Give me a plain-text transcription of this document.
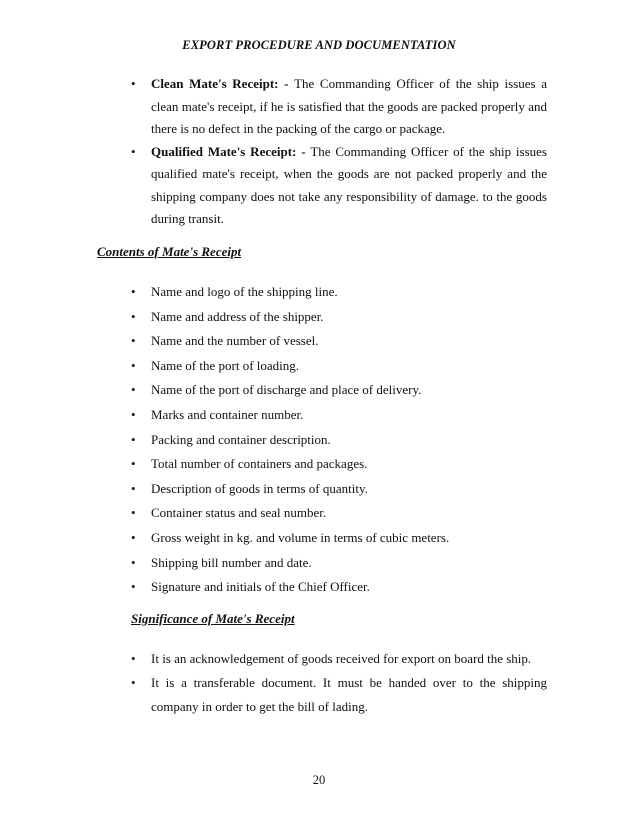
EXPORT PROCEDURE AND DOCUMENTATION
• Clean Mate's Receipt: - The Commanding Officer of the ship issues a clean mate's receipt, if he is satisfied that the goods are packed properly and there is no defect in the packing of the cargo or package.
• Qualified Mate's Receipt: - The Commanding Officer of the ship issues qualified mate's receipt, when the goods are not packed properly and the shipping company does not take any responsibility of damage. to the goods during transit.
Contents of Mate's Receipt
• Name and logo of the shipping line.
• Name and address of the shipper.
• Name and the number of vessel.
• Name of the port of loading.
• Name of the port of discharge and place of delivery.
• Marks and container number.
• Packing and container description.
• Total number of containers and packages.
• Description of goods in terms of quantity.
• Container status and seal number.
• Gross weight in kg. and volume in terms of cubic meters.
• Shipping bill number and date.
• Signature and initials of the Chief Officer.
Significance of Mate's Receipt
• It is an acknowledgement of goods received for export on board the ship.
• It is a transferable document. It must be handed over to the shipping company in order to get the bill of lading.
20
